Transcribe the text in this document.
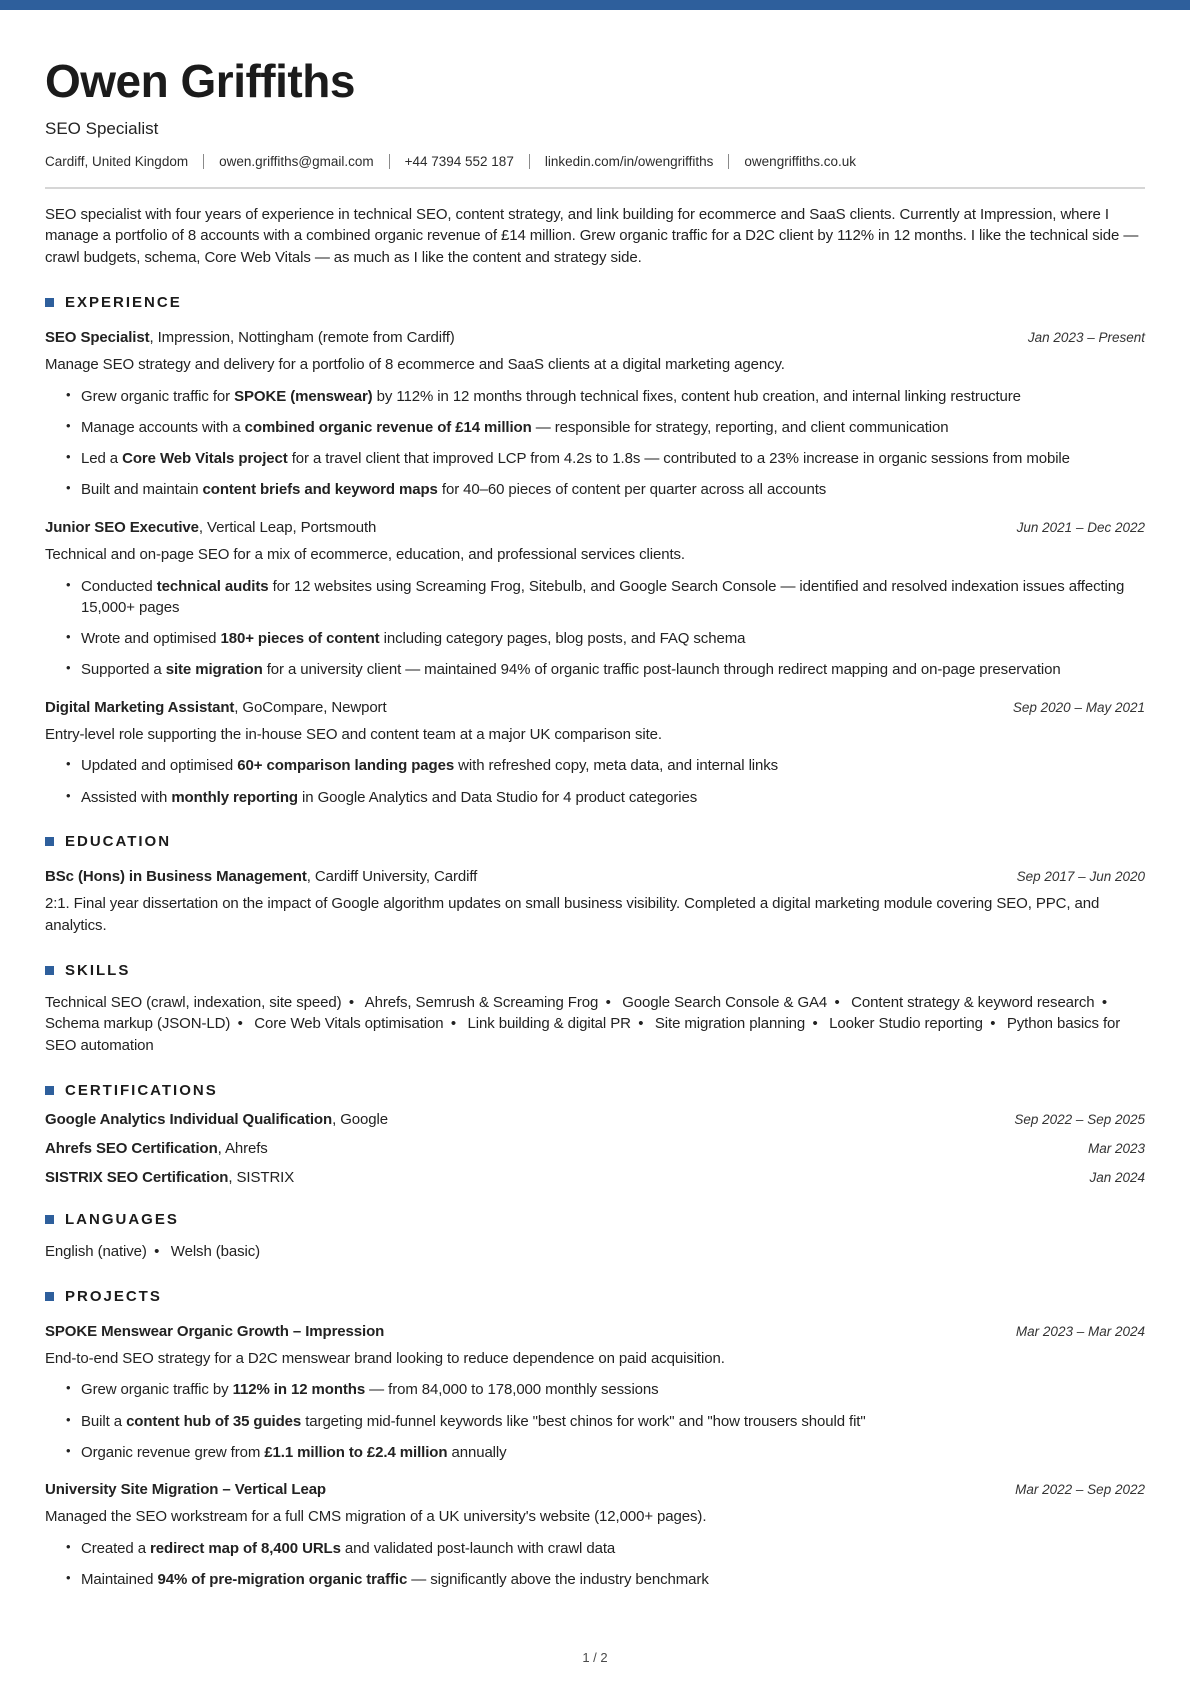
Owen Griffiths
SEO Specialist
Cardiff, United Kingdom owen.griffiths@gmail.com +44 7394 552 187 linkedin.com/in/owengriffiths owengriffiths.co.uk

SEO specialist with four years of experience in technical SEO, content strategy, and link building for ecommerce and SaaS clients. Currently at Impression, where I manage a portfolio of 8 accounts with a combined organic revenue of £14 million. Grew organic traffic for a D2C client by 112% in 12 months. I like the technical side — crawl budgets, schema, Core Web Vitals — as much as I like the content and strategy side.

EXPERIENCE
SEO Specialist, Impression, Nottingham (remote from Cardiff)	Jan 2023 – Present
Manage SEO strategy and delivery for a portfolio of 8 ecommerce and SaaS clients at a digital marketing agency.
• Grew organic traffic for SPOKE (menswear) by 112% in 12 months through technical fixes, content hub creation, and internal linking restructure
• Manage accounts with a combined organic revenue of £14 million — responsible for strategy, reporting, and client communication
• Led a Core Web Vitals project for a travel client that improved LCP from 4.2s to 1.8s — contributed to a 23% increase in organic sessions from mobile
• Built and maintain content briefs and keyword maps for 40–60 pieces of content per quarter across all accounts
Junior SEO Executive, Vertical Leap, Portsmouth	Jun 2021 – Dec 2022
Technical and on-page SEO for a mix of ecommerce, education, and professional services clients.
• Conducted technical audits for 12 websites using Screaming Frog, Sitebulb, and Google Search Console — identified and resolved indexation issues affecting 15,000+ pages
• Wrote and optimised 180+ pieces of content including category pages, blog posts, and FAQ schema
• Supported a site migration for a university client — maintained 94% of organic traffic post-launch through redirect mapping and on-page preservation
Digital Marketing Assistant, GoCompare, Newport	Sep 2020 – May 2021
Entry-level role supporting the in-house SEO and content team at a major UK comparison site.
• Updated and optimised 60+ comparison landing pages with refreshed copy, meta data, and internal links
• Assisted with monthly reporting in Google Analytics and Data Studio for 4 product categories
EDUCATION
BSc (Hons) in Business Management, Cardiff University, Cardiff	Sep 2017 – Jun 2020
2:1. Final year dissertation on the impact of Google algorithm updates on small business visibility. Completed a digital marketing module covering SEO, PPC, and analytics.
SKILLS
Technical SEO (crawl, indexation, site speed) •  Ahrefs, Semrush & Screaming Frog •  Google Search Console & GA4 •  Content strategy & keyword research •  Schema markup (JSON-LD) •  Core Web Vitals optimisation •  Link building & digital PR •  Site migration planning •  Looker Studio reporting •  Python basics for SEO automation
CERTIFICATIONS
Google Analytics Individual Qualification, Google	Sep 2022 – Sep 2025
Ahrefs SEO Certification, Ahrefs	Mar 2023
SISTRIX SEO Certification, SISTRIX	Jan 2024
LANGUAGES
English (native) •  Welsh (basic)
PROJECTS
SPOKE Menswear Organic Growth – Impression	Mar 2023 – Mar 2024
End-to-end SEO strategy for a D2C menswear brand looking to reduce dependence on paid acquisition.
• Grew organic traffic by 112% in 12 months — from 84,000 to 178,000 monthly sessions
• Built a content hub of 35 guides targeting mid-funnel keywords like "best chinos for work" and "how trousers should fit"
• Organic revenue grew from £1.1 million to £2.4 million annually
University Site Migration – Vertical Leap	Mar 2022 – Sep 2022
Managed the SEO workstream for a full CMS migration of a UK university's website (12,000+ pages).
• Created a redirect map of 8,400 URLs and validated post-launch with crawl data
• Maintained 94% of pre-migration organic traffic — significantly above the industry benchmark
1 / 2
